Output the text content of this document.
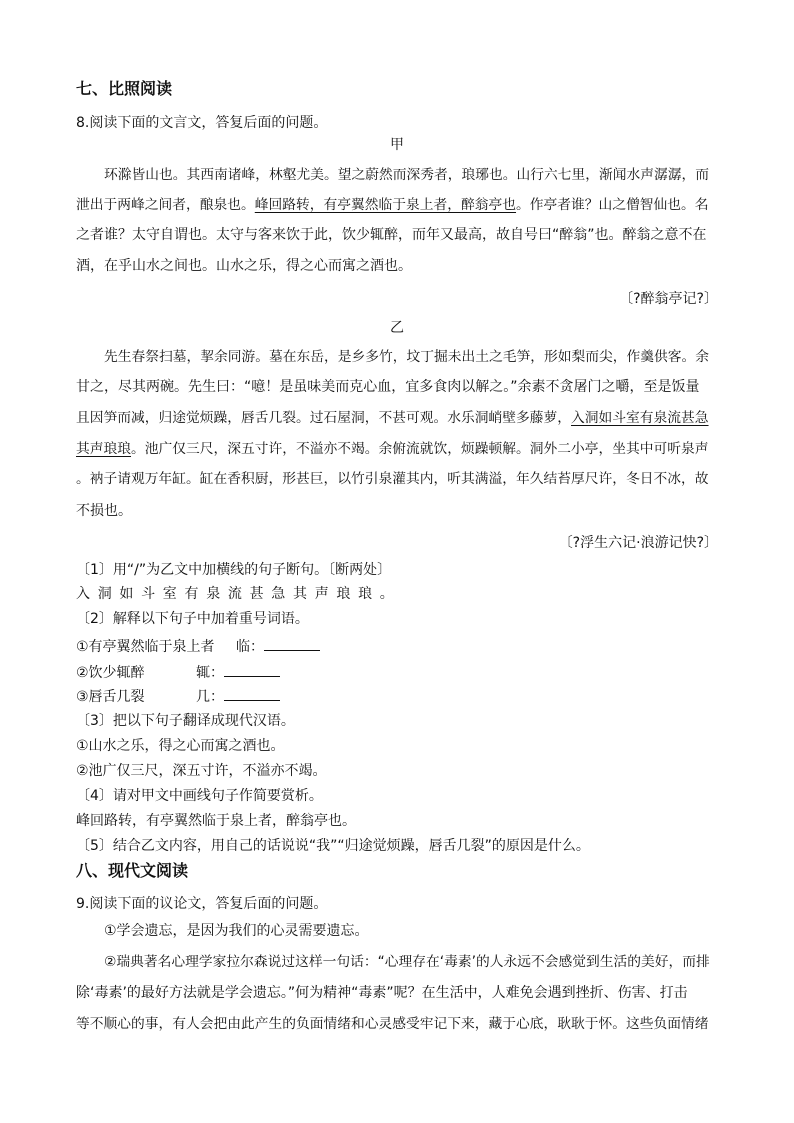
七、比照阅读
8.阅读下面的文言文，答复后面的问题。
甲
环滁皆山也。其西南诸峰，林壑尤美。望之蔚然而深秀者，琅琊也。山行六七里，渐闻水声潺潺，而
泄出于两峰之间者，酿泉也。峰回路转，有亭翼然临于泉上者，醉翁亭也。作亭者谁？山之僧智仙也。名
之者谁？太守自谓也。太守与客来饮于此，饮少辄醉，而年又最高，故自号曰“醉翁”也。醉翁之意不在
酒，在乎山水之间也。山水之乐，得之心而寓之酒也。
〔?醉翁亭记?〕
乙
先生春祭扫墓，挈余同游。墓在东岳，是乡多竹，坟丁掘未出土之毛笋，形如梨而尖，作羹供客。余
甘之，尽其两碗。先生曰：“噫！是虽味美而克心血，宜多食肉以解之。”余素不贪屠门之嚼，至是饭量
且因笋而减，归途觉烦躁，唇舌几裂。过石屋洞，不甚可观。水乐洞峭壁多藤萝，入洞如斗室有泉流甚急
其声琅琅。池广仅三尺，深五寸许，不溢亦不竭。余俯流就饮，烦躁顿解。洞外二小亭，坐其中可听泉声
。衲子请观万年缸。缸在香积厨，形甚巨，以竹引泉灌其内，听其满溢，年久结苔厚尺许，冬日不冰，故
不损也。
〔?浮生六记·浪游记快?〕
〔1〕用“/”为乙文中加横线的句子断句。〔断两处〕
入洞如斗室有泉流甚急其声琅琅。
〔2〕解释以下句子中加着重号词语。
①有亭翼然临于泉上者 临：
②饮少辄醉	辄：
③唇舌几裂	几：
〔3〕把以下句子翻译成现代汉语。
①山水之乐，得之心而寓之酒也。
②池广仅三尺，深五寸许，不溢亦不竭。
〔4〕请对甲文中画线句子作简要赏析。
峰回路转，有亭翼然临于泉上者，醉翁亭也。
〔5〕结合乙文内容，用自己的话说说“我”“归途觉烦躁，唇舌几裂”的原因是什么。
八、现代文阅读
9.阅读下面的议论文，答复后面的问题。
①学会遗忘，是因为我们的心灵需要遗忘。
②瑞典著名心理学家拉尔森说过这样一句话：“心理存在‘毒素’的人永远不会感觉到生活的美好，而排
除‘毒素’的最好方法就是学会遗忘。”何为精神“毒素”呢？在生活中，人难免会遇到挫折、伤害、打击
等不顺心的事，有人会把由此产生的负面情绪和心灵感受牢记下来，藏于心底，耿耿于怀。这些负面情绪
